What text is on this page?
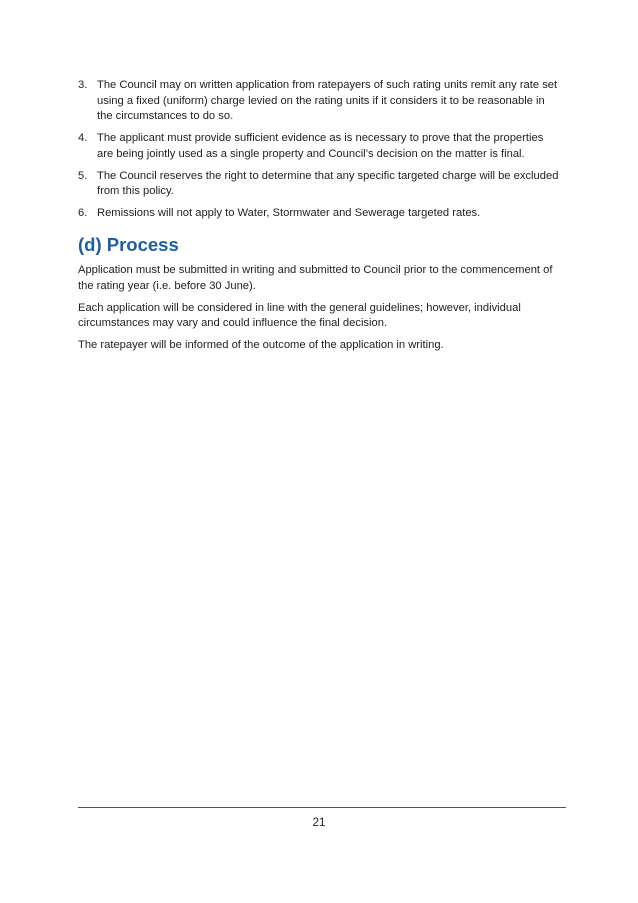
3. The Council may on written application from ratepayers of such rating units remit any rate set using a fixed (uniform) charge levied on the rating units if it considers it to be reasonable in the circumstances to do so.
4. The applicant must provide sufficient evidence as is necessary to prove that the properties are being jointly used as a single property and Council’s decision on the matter is final.
5. The Council reserves the right to determine that any specific targeted charge will be excluded from this policy.
6. Remissions will not apply to Water, Stormwater and Sewerage targeted rates.
(d) Process

Application must be submitted in writing and submitted to Council prior to the commencement of the rating year (i.e. before 30 June).

Each application will be considered in line with the general guidelines; however, individual circumstances may vary and could influence the final decision.

The ratepayer will be informed of the outcome of the application in writing.

21
